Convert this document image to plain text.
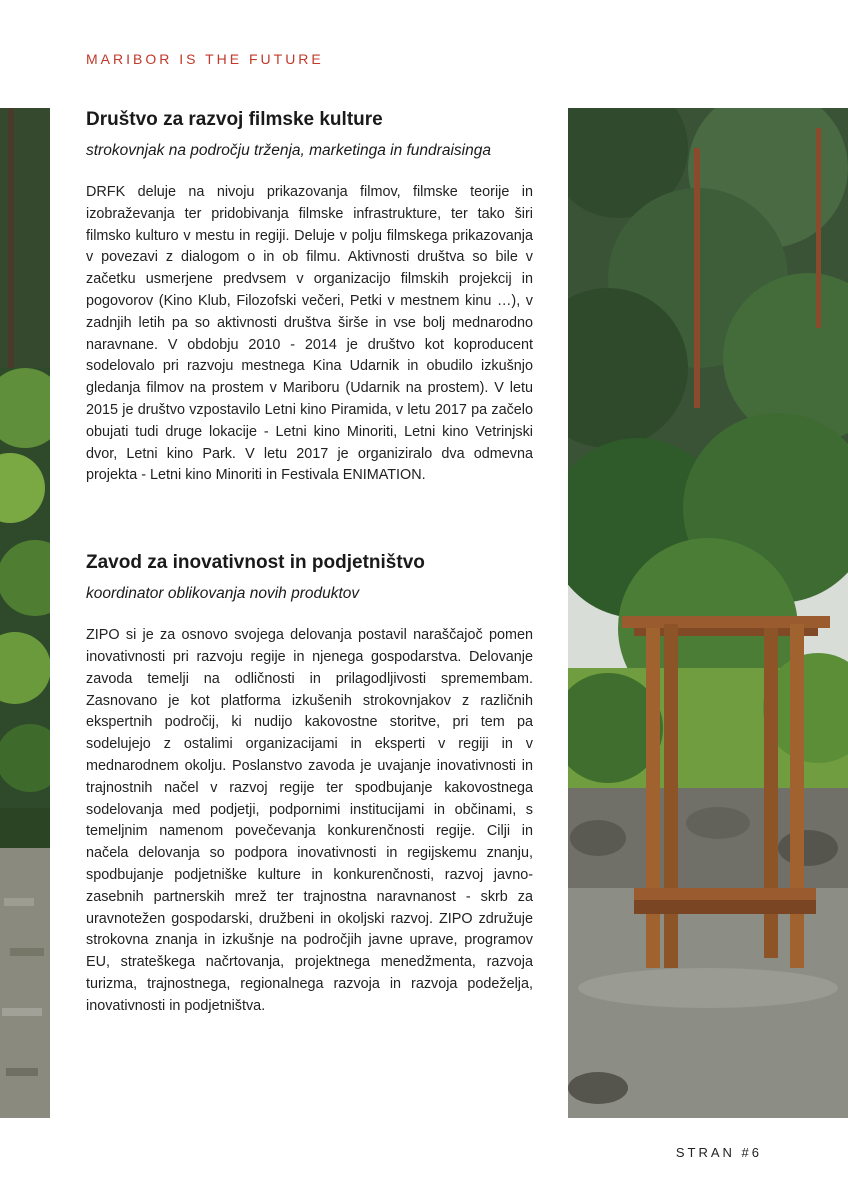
MARIBOR IS THE FUTURE
Društvo za razvoj filmske kulture

strokovnjak na področju trženja, marketinga in fundraisinga

DRFK deluje na nivoju prikazovanja filmov, filmske teorije in izobraževanja ter pridobivanja filmske infrastrukture, ter tako širi filmsko kulturo v mestu in regiji. Deluje v polju filmskega prikazovanja v povezavi z dialogom o in ob filmu. Aktivnosti društva so bile v začetku usmerjene predvsem v organizacijo filmskih projekcij in pogovorov (Kino Klub, Filozofski večeri, Petki v mestnem kinu …), v zadnjih letih pa so aktivnosti društva širše in vse bolj mednarodno naravnane. V obdobju 2010 - 2014 je društvo kot koproducent sodelovalo pri razvoju mestnega Kina Udarnik in obudilo izkušnjo gledanja filmov na prostem v Mariboru (Udarnik na prostem). V letu 2015 je društvo vzpostavilo Letni kino Piramida, v letu 2017 pa začelo obujati tudi druge lokacije - Letni kino Minoriti, Letni kino Vetrinjski dvor, Letni kino Park. V letu 2017 je organiziralo dva odmevna projekta - Letni kino Minoriti in Festivala ENIMATION.

Zavod za inovativnost in podjetništvo

koordinator oblikovanja novih produktov

ZIPO si je za osnovo svojega delovanja postavil naraščajoč pomen inovativnosti pri razvoju regije in njenega gospodarstva. Delovanje zavoda temelji na odličnosti in prilagodljivosti spremembam. Zasnovano je kot platforma izkušenih strokovnjakov z različnih ekspertnih področij, ki nudijo kakovostne storitve, pri tem pa sodelujejo z ostalimi organizacijami in eksperti v regiji in v mednarodnem okolju. Poslanstvo zavoda je uvajanje inovativnosti in trajnostnih načel v razvoj regije ter spodbujanje kakovostnega sodelovanja med podjetji, podpornimi institucijami in občinami, s temeljnim namenom povečevanja konkurenčnosti regije. Cilji in načela delovanja so podpora inovativnosti in regijskemu znanju, spodbujanje podjetniške kulture in konkurenčnosti, razvoj javno-zasebnih partnerskih mrež ter trajnostna naravnanost - skrb za uravnotežen gospodarski, družbeni in okoljski razvoj. ZIPO združuje strokovna znanja in izkušnje na področjih javne uprave, programov EU, strateškega načrtovanja, projektnega menedžmenta, razvoja turizma, trajnostnega, regionalnega razvoja in razvoja podeželja, inovativnosti in podjetništva.

STRAN #6
